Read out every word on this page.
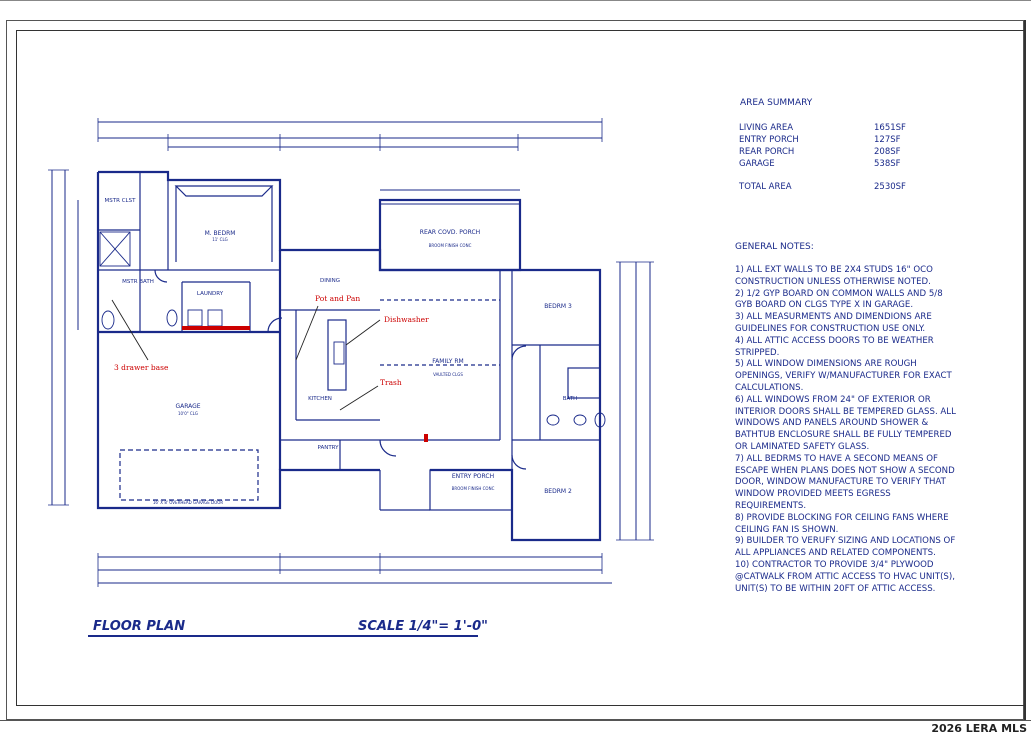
GARAGE
10'0" CLG
M. BEDRM
11' CLG
MSTR CLST
MSTR BATH
LAUNDRY
DINING
KITCHEN
PANTRY
FAMILY RM
VAULTED CLGS
REAR COVD. PORCH
BROOM FINISH CONC
ENTRY PORCH
BROOM FINISH CONC
BEDRM 3
BEDRM 2
BATH
16' X 8' OVERHEAD GARAGE DOOR
Pot and Pan
Dishwasher
Trash
3 drawer base
AREA SUMMARY
LIVING AREA	1651SF
ENTRY PORCH	127SF
REAR PORCH	208SF
GARAGE	538SF
TOTAL AREA	2530SF
GENERAL NOTES:
1) ALL EXT WALLS TO BE 2X4 STUDS 16" OCO
CONSTRUCTION UNLESS OTHERWISE NOTED.
2) 1/2 GYP BOARD ON COMMON WALLS AND 5/8
GYB BOARD ON CLGS TYPE X IN GARAGE.
3) ALL MEASURMENTS AND DIMENDIONS ARE
GUIDELINES FOR CONSTRUCTION USE ONLY.
4) ALL ATTIC ACCESS DOORS TO BE WEATHER
STRIPPED.
5) ALL WINDOW DIMENSIONS ARE ROUGH
OPENINGS, VERIFY W/MANUFACTURER FOR EXACT
CALCULATIONS.
6) ALL WINDOWS FROM 24" OF EXTERIOR OR
INTERIOR DOORS SHALL BE TEMPERED GLASS. ALL
WINDOWS AND PANELS AROUND SHOWER &
BATHTUB ENCLOSURE SHALL BE FULLY TEMPERED
OR LAMINATED SAFETY GLASS.
7) ALL BEDRMS TO HAVE A SECOND MEANS OF
ESCAPE WHEN PLANS DOES NOT SHOW A SECOND
DOOR, WINDOW MANUFACTURE TO VERIFY THAT
WINDOW PROVIDED MEETS EGRESS
REQUIREMENTS.
8) PROVIDE BLOCKING FOR CEILING FANS WHERE
CEILING FAN IS SHOWN.
9) BUILDER TO VERUFY SIZING AND LOCATIONS OF
ALL APPLIANCES AND RELATED COMPONENTS.
10) CONTRACTOR TO PROVIDE 3/4" PLYWOOD
@CATWALK FROM ATTIC ACCESS TO HVAC UNIT(S),
UNIT(S) TO BE WITHIN 20FT OF ATTIC ACCESS.
FLOOR PLAN	SCALE 1/4"= 1'-0"
2026 LERA MLS
